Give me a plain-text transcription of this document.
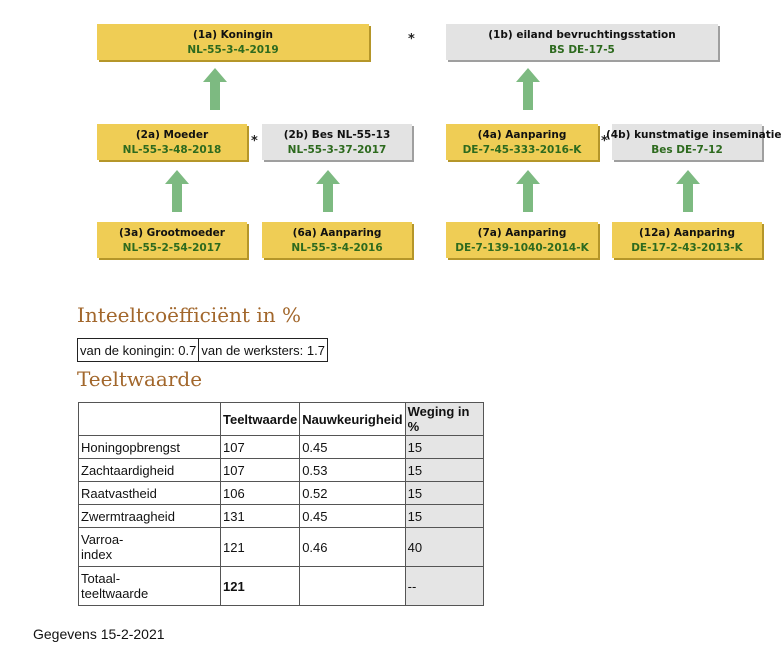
(1a) Koningin
NL-55-3-4-2019
*	(1b) eiland bevruchtingsstation
BS DE-17-5
(2a) Moeder
NL-55-3-48-2018
*	(2b) Bes NL-55-13
NL-55-3-37-2017
(4a) Aanparing
DE-7-45-333-2016-K
*
(4b) kunstmatige inseminatie
Bes DE-7-12
(3a) Grootmoeder
NL-55-2-54-2017
(6a) Aanparing
NL-55-3-4-2016
(7a) Aanparing
DE-7-139-1040-2014-K
(12a) Aanparing
DE-17-2-43-2013-K
Inteeltcoëfficiënt in %
van de koningin: 0.7	van de werksters: 1.7
Teeltwaarde
	Teeltwaarde	Nauwkeurigheid	Weging in %
Honingopbrengst	107	0.45	15
Zachtaardigheid	107	0.53	15
Raatvastheid	106	0.52	15
Zwermtraagheid	131	0.45	15
Varroa-
index	121	0.46	40
Totaal-
teeltwaarde	121		--
Gegevens 15-2-2021
